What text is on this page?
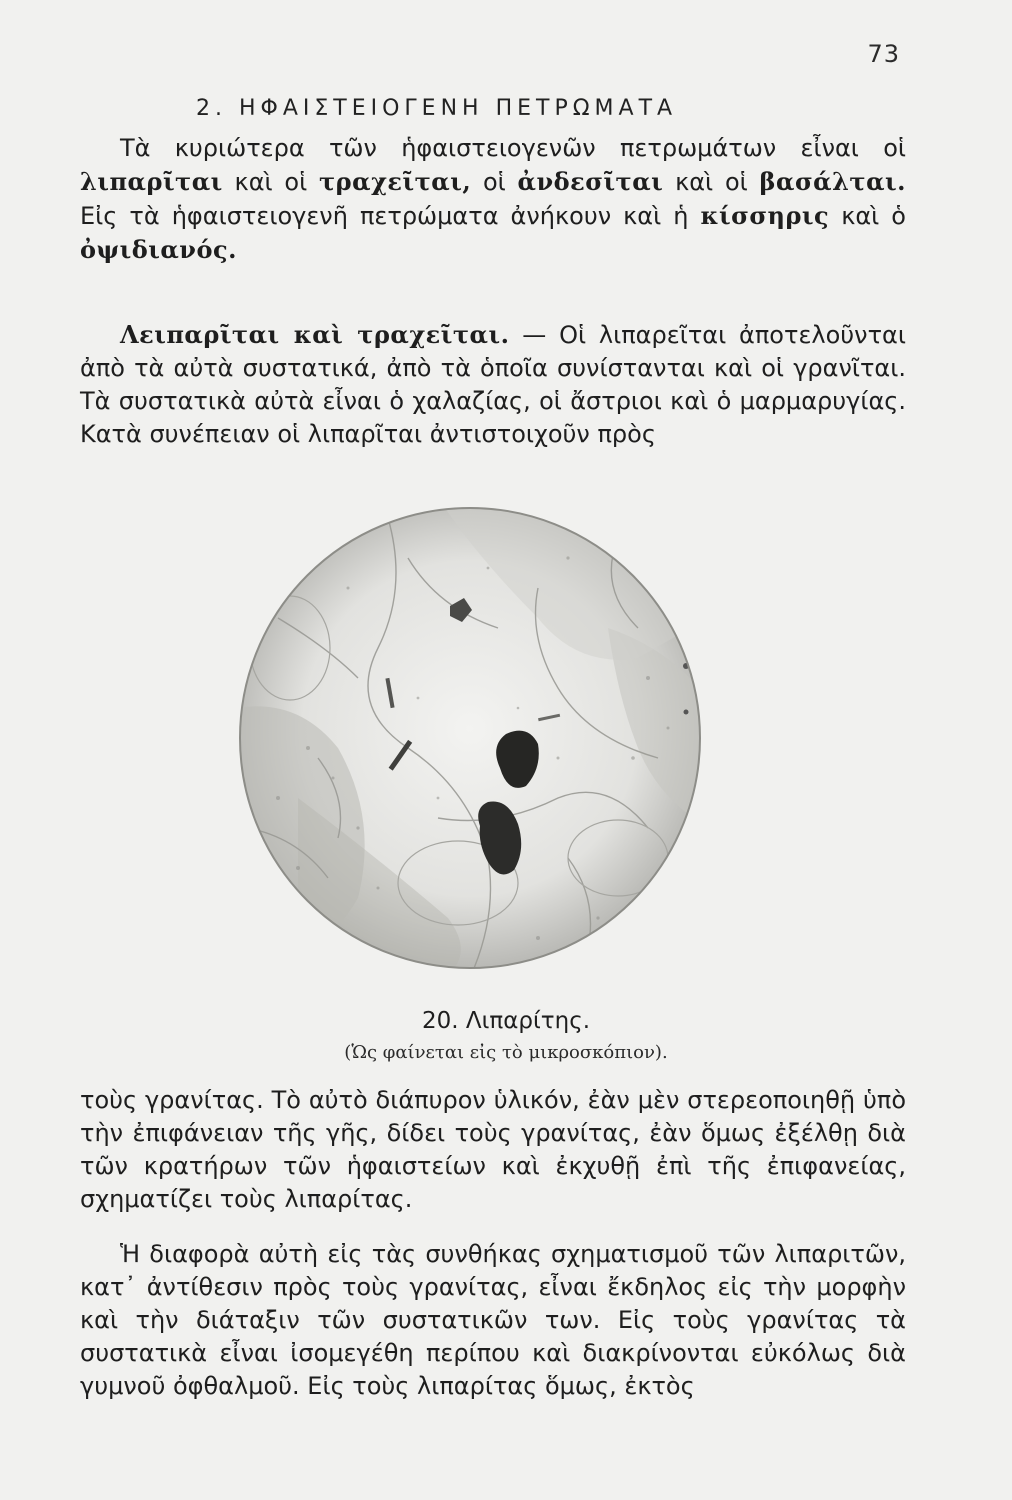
73
2. ΗΦΑΙΣΤΕΙΟΓΕΝΗ ΠΕΤΡΩΜΑΤΑ

Τὰ κυριώτερα τῶν ἡφαιστειογενῶν πετρωμάτων εἶναι οἱ λιπαρῖται καὶ οἱ τραχεῖται, οἱ ἀνδεσῖται καὶ οἱ βασάλται. Εἰς τὰ ἡφαιστειογενῆ πετρώματα ἀνήκουν καὶ ἡ κίσσηρις καὶ ὁ ὀψιδιανός.

Λειπαρῖται καὶ τραχεῖται. — Οἱ λιπαρεῖται ἀποτελοῦνται ἀπὸ τὰ αὐτὰ συστατικά, ἀπὸ τὰ ὁποῖα συνίστανται καὶ οἱ γρανῖται. Τὰ συστατικὰ αὐτὰ εἶναι ὁ χαλαζίας, οἱ ἄστριοι καὶ ὁ μαρμαρυγίας. Κατὰ συνέπειαν οἱ λιπαρῖται ἀντιστοιχοῦν πρὸς

20. Λιπαρίτης.
(Ὡς φαίνεται εἰς τὸ μικροσκόπιον).

τοὺς γρανίτας. Τὸ αὐτὸ διάπυρον ὑλικόν, ἐὰν μὲν στερεοποιηθῇ ὑπὸ τὴν ἐπιφάνειαν τῆς γῆς, δίδει τοὺς γρανίτας, ἐὰν ὅμως ἐξέλθῃ διὰ τῶν κρατήρων τῶν ἡφαιστείων καὶ ἐκχυθῇ ἐπὶ τῆς ἐπιφανείας, σχηματίζει τοὺς λιπαρίτας.

Ἡ διαφορὰ αὐτὴ εἰς τὰς συνθήκας σχηματισμοῦ τῶν λιπαριτῶν, κατ᾽ ἀντίθεσιν πρὸς τοὺς γρανίτας, εἶναι ἔκδηλος εἰς τὴν μορφὴν καὶ τὴν διάταξιν τῶν συστατικῶν των. Εἰς τοὺς γρανίτας τὰ συστατικὰ εἶναι ἰσομεγέθη περίπου καὶ διακρίνονται εὐκόλως διὰ γυμνοῦ ὀφθαλμοῦ. Εἰς τοὺς λιπαρίτας ὅμως, ἐκτὸς
